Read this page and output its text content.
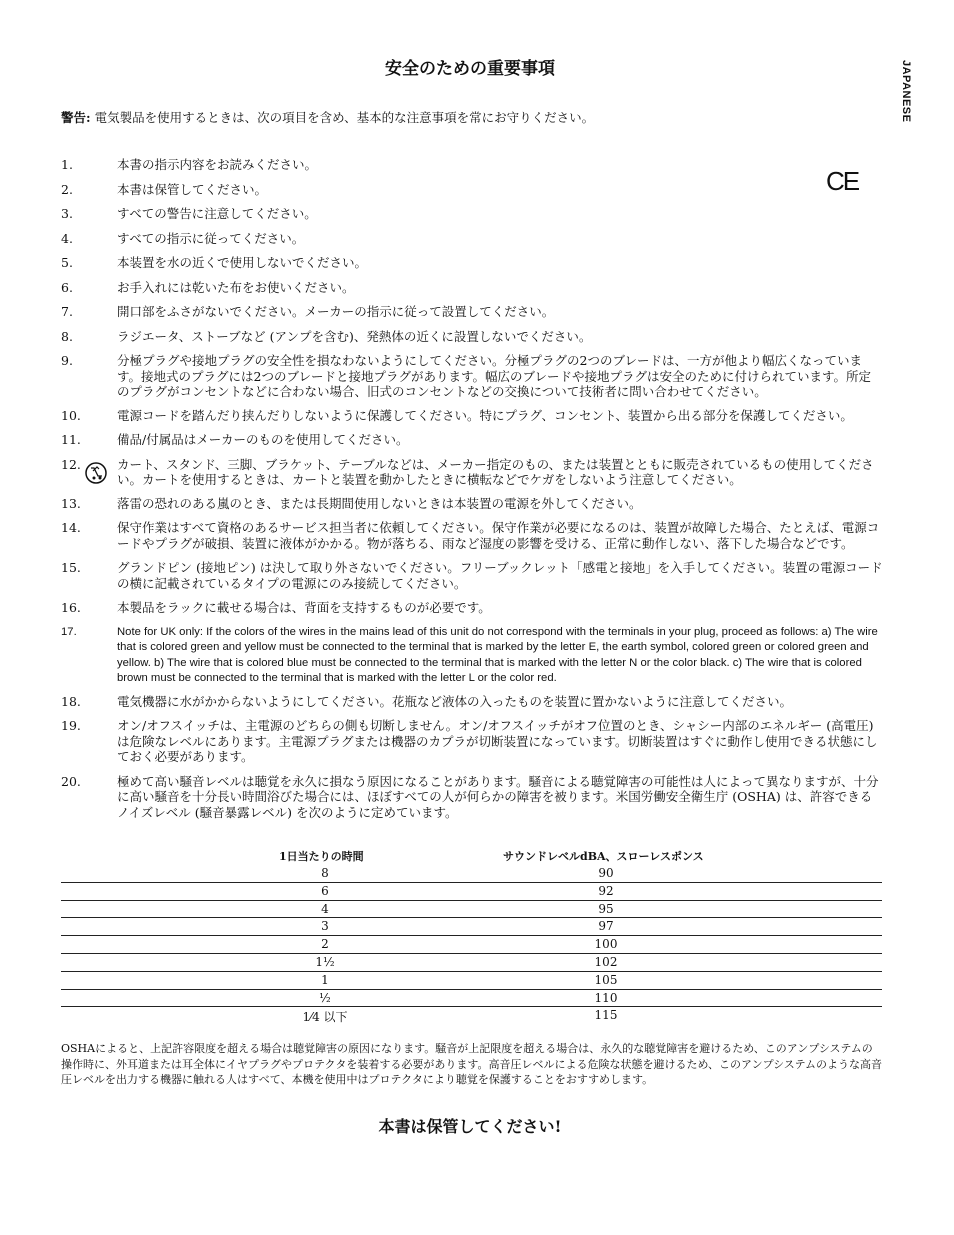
安全のための重要事項	JAPANESE
警告: 電気製品を使用するときは、次の項目を含め、基本的な注意事項を常にお守りください。
CE
1.	本書の指示内容をお読みください。
2.	本書は保管してください。
3.	すべての警告に注意してください。
4.	すべての指示に従ってください。
5.	本装置を水の近くで使用しないでください。
6.	お手入れには乾いた布をお使いください。
7.	開口部をふさがないでください。メーカーの指示に従って設置してください。
8.	ラジエータ、ストーブなど (アンプを含む)、発熱体の近くに設置しないでください。
9.	分極プラグや接地プラグの安全性を損なわないようにしてください。分極プラグの2つのブレードは、一方が他より幅広くなっています。接地式のプラグには2つのブレードと接地プラグがあります。幅広のブレードや接地プラグは安全のために付けられています。所定のプラグがコンセントなどに合わない場合、旧式のコンセントなどの交換について技術者に問い合わせてください。
10.	電源コードを踏んだり挟んだりしないように保護してください。特にプラグ、コンセント、装置から出る部分を保護してください。
11.	備品/付属品はメーカーのものを使用してください。
12.	カート、スタンド、三脚、ブラケット、テーブルなどは、メーカー指定のもの、または装置とともに販売されているもの使用してください。カートを使用するときは、カートと装置を動かしたときに横転などでケガをしないよう注意してください。
13.	落雷の恐れのある嵐のとき、または長期間使用しないときは本装置の電源を外してください。
14.	保守作業はすべて資格のあるサービス担当者に依頼してください。保守作業が必要になるのは、装置が故障した場合、たとえば、電源コードやプラグが破損、装置に液体がかかる。物が落ちる、雨など湿度の影響を受ける、正常に動作しない、落下した場合などです。
15.	グランドピン (接地ピン) は決して取り外さないでください。フリーブックレット「感電と接地」を入手してください。装置の電源コードの横に記載されているタイプの電源にのみ接続してください。
16.	本製品をラックに載せる場合は、背面を支持するものが必要です。
17.	Note for UK only: If the colors of the wires in the mains lead of this unit do not correspond with the terminals in your plug, proceed as follows: a) The wire that is colored green and yellow must be connected to the terminal that is marked by the letter E, the earth symbol, colored green or colored green and yellow. b) The wire that is colored blue must be connected to the terminal that is marked with the letter N or the color black. c) The wire that is colored brown must be connected to the terminal that is marked with the letter L or the color red.
18.	電気機器に水がかからないようにしてください。花瓶など液体の入ったものを装置に置かないように注意してください。
19.	オン/オフスイッチは、主電源のどちらの側も切断しません。オン/オフスイッチがオフ位置のとき、シャシー内部のエネルギー (高電圧) は危険なレベルにあります。主電源プラグまたは機器のカプラが切断装置になっています。切断装置はすぐに動作し使用できる状態にしておく必要があります。
20.	極めて高い騒音レベルは聴覚を永久に損なう原因になることがあります。騒音による聴覚障害の可能性は人によって異なりますが、十分に高い騒音を十分長い時間浴びた場合には、ほぼすべての人が何らかの障害を被ります。米国労働安全衛生庁 (OSHA) は、許容できるノイズレベル (騒音暴露レベル) を次のように定めています。
1日当たりの時間	サウンドレベルdBA、スローレスポンス
8	90
6	92
4	95
3	97
2	100
1½	102
1	105
½	110
1⁄4 以下	115
OSHAによると、上記許容限度を超える場合は聴覚障害の原因になります。騒音が上記限度を超える場合は、永久的な聴覚障害を避けるため、このアンプシステムの操作時に、外耳道または耳全体にイヤプラグやプロテクタを装着する必要があります。高音圧レベルによる危険な状態を避けるため、このアンプシステムのような高音圧レベルを出力する機器に触れる人はすべて、本機を使用中はプロテクタにより聴覚を保護することをおすすめします。
本書は保管してください!
